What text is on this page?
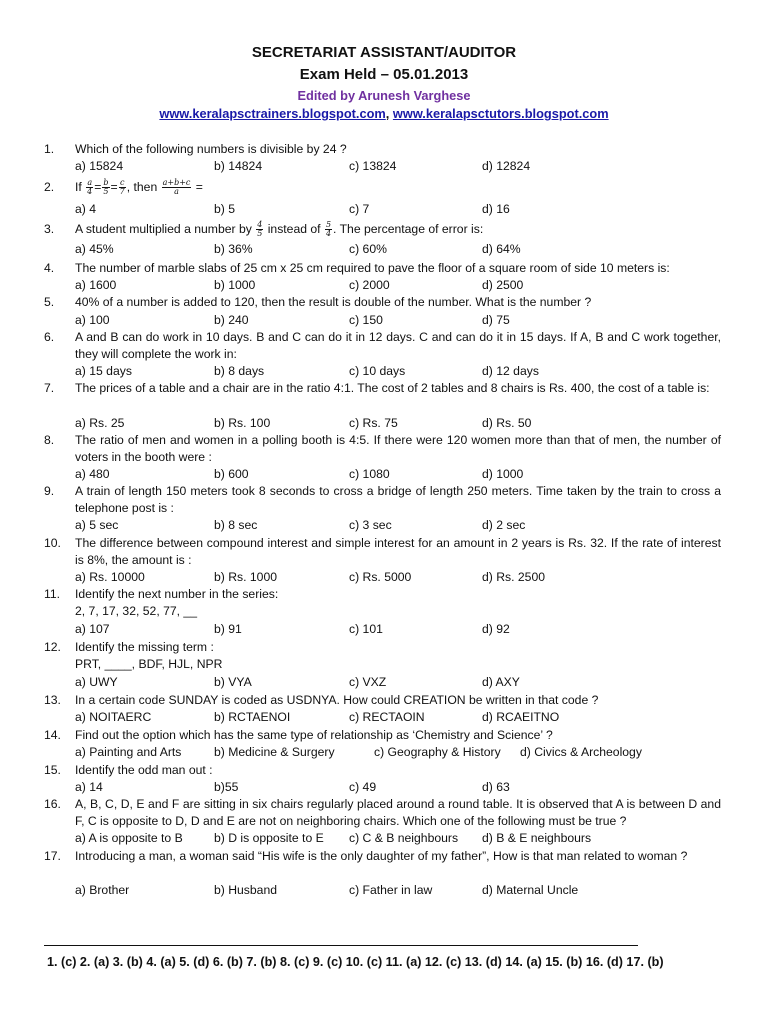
SECRETARIAT ASSISTANT/AUDITOR
Exam Held – 05.01.2013
Edited by Arunesh Varghese
www.keralapsctrainers.blogspot.com, www.keralapsctutors.blogspot.com
1. Which of the following numbers is divisible by 24 ?
a) 15824	b) 14824	c) 13824	d) 12824
2. If $\frac{a}{4} = \frac{b}{5} = \frac{c}{7}$ , then $\frac{a+b+c}{a}$ =
a) 4	b) 5	c) 7	d) 16
3. A student multiplied a number by $\frac{4}{5}$ instead of $\frac{5}{4}$ . The percentage of error is:
a) 45%	b) 36%	c) 60%	d) 64%
4. The number of marble slabs of 25 cm x 25 cm required to pave the floor of a square room of side 10 meters is:
a) 1600	b) 1000	c) 2000	d) 2500
5. 40% of a number is added to 120, then the result is double of the number. What is the number ?
a) 100	b) 240	c) 150	d) 75
6. A and B can do work in 10 days. B and C can do it in 12 days. C and can do it in 15 days. If A, B and C work together, they will complete the work in:
a) 15 days	b) 8 days	c) 10 days	d) 12 days
7. The prices of a table and a chair are in the ratio 4:1. The cost of 2 tables and 8 chairs is Rs. 400, the cost of a table is:
a) Rs. 25	b) Rs. 100	c) Rs. 75	d) Rs. 50
8. The ratio of men and women in a polling booth is 4:5. If there were 120 women more than that of men, the number of voters in the booth were :
a) 480	b) 600	c) 1080	d) 1000
9. A train of length 150 meters took 8 seconds to cross a bridge of length 250 meters. Time taken by the train to cross a telephone post is :
a) 5 sec	b) 8 sec	c) 3 sec	d) 2 sec
10. The difference between compound interest and simple interest for an amount in 2 years is Rs. 32. If the rate of interest is 8%, the amount is :
a) Rs. 10000	b) Rs. 1000	c) Rs. 5000	d) Rs. 2500
11. Identify the next number in the series:
2, 7, 17, 32, 52, 77, __
a) 107	b) 91	c) 101	d) 92
12. Identify the missing term :
PRT, ____, BDF, HJL, NPR
a) UWY	b) VYA	c) VXZ	d) AXY
13. In a certain code SUNDAY is coded as USDNYA. How could CREATION be written in that code ?
a) NOITAERC	b) RCTAENOI	c) RECTAOIN	d) RCAEITNO
14. Find out the option which has the same type of relationship as ‘Chemistry and Science’ ?
a) Painting and Arts	b) Medicine & Surgery	c) Geography & History d) Civics & Archeology
15. Identify the odd man out :
a) 14	b)55	c) 49	d) 63
16. A, B, C, D, E and F are sitting in six chairs regularly placed around a round table. It is observed that A is between D and F, C is opposite to D, D and E are not on neighboring chairs. Which one of the following must be true ?
a) A is opposite to B	b) D is opposite to E c) C & B neighbours d) B & E neighbours
17. Introducing a man, a woman said “His wife is the only daughter of my father”, How is that man related to woman ?
a) Brother	b) Husband	c) Father in law	d) Maternal Uncle
1. (c) 2. (a) 3. (b) 4. (a) 5. (d) 6. (b) 7. (b) 8. (c) 9. (c) 10. (c) 11. (a) 12. (c) 13. (d) 14. (a) 15. (b) 16. (d) 17. (b)
